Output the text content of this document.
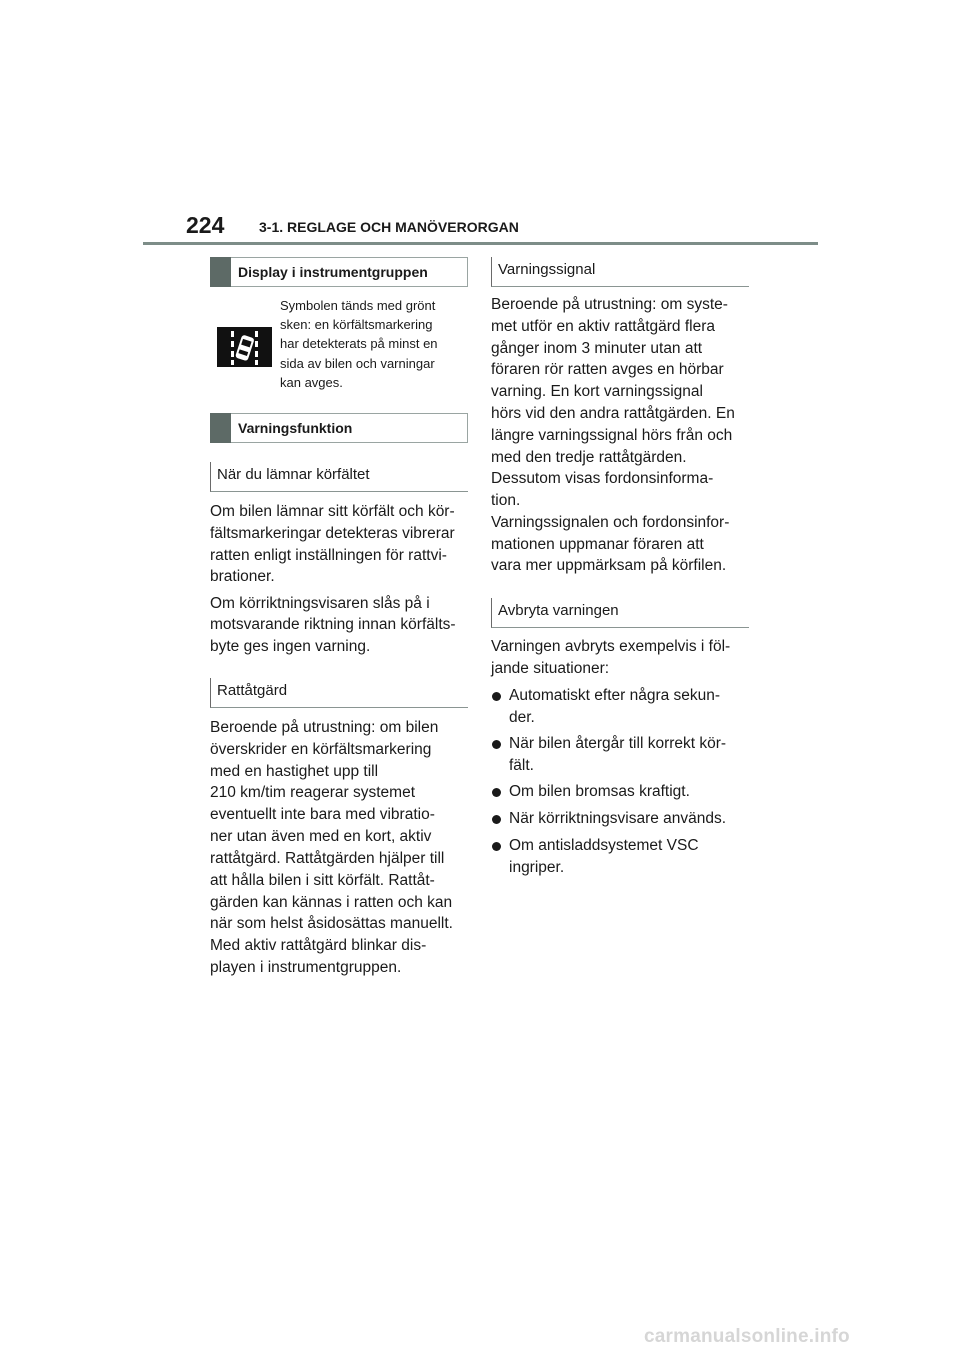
224 3-1. REGLAGE OCH MANÖVERORGAN
Display i instrumentgruppen

Symbolen tänds med grönt

sken: en körfältsmarkering

har detekterats på minst en

sida av bilen och varningar

kan avges.

Varningsfunktion
När du lämnar körfältet

Om bilen lämnar sitt körfält och kör-

fältsmarkeringar detekteras vibrerar

ratten enligt inställningen för rattvi-

brationer.

Om körriktningsvisaren slås på i

motsvarande riktning innan körfälts-

byte ges ingen varning.

Rattåtgärd

Beroende på utrustning: om bilen

överskrider en körfältsmarkering

med en hastighet upp till

210 km/tim reagerar systemet

eventuellt inte bara med vibratio-

ner utan även med en kort, aktiv

rattåtgärd. Rattåtgärden hjälper till

att hålla bilen i sitt körfält. Rattåt-

gärden kan kännas i ratten och kan

när som helst åsidosättas manuellt.

Med aktiv rattåtgärd blinkar dis-

playen i instrumentgruppen.

Varningssignal

Beroende på utrustning: om syste-

met utför en aktiv rattåtgärd flera

gånger inom 3 minuter utan att

föraren rör ratten avges en hörbar

varning. En kort varningssignal

hörs vid den andra rattåtgärden. En

längre varningssignal hörs från och

med den tredje rattåtgärden.

Dessutom visas fordonsinforma-

tion.

Varningssignalen och fordonsinfor-

mationen uppmanar föraren att

vara mer uppmärksam på körfilen.

Avbryta varningen

Varningen avbryts exempelvis i föl-

jande situationer:

Automatiskt efter några sekun-
der.
När bilen återgår till korrekt kör-
fält.
Om bilen bromsas kraftigt.
När körriktningsvisare används.
Om antisladdsystemet VSC
ingriper.
carmanualsonline.info
